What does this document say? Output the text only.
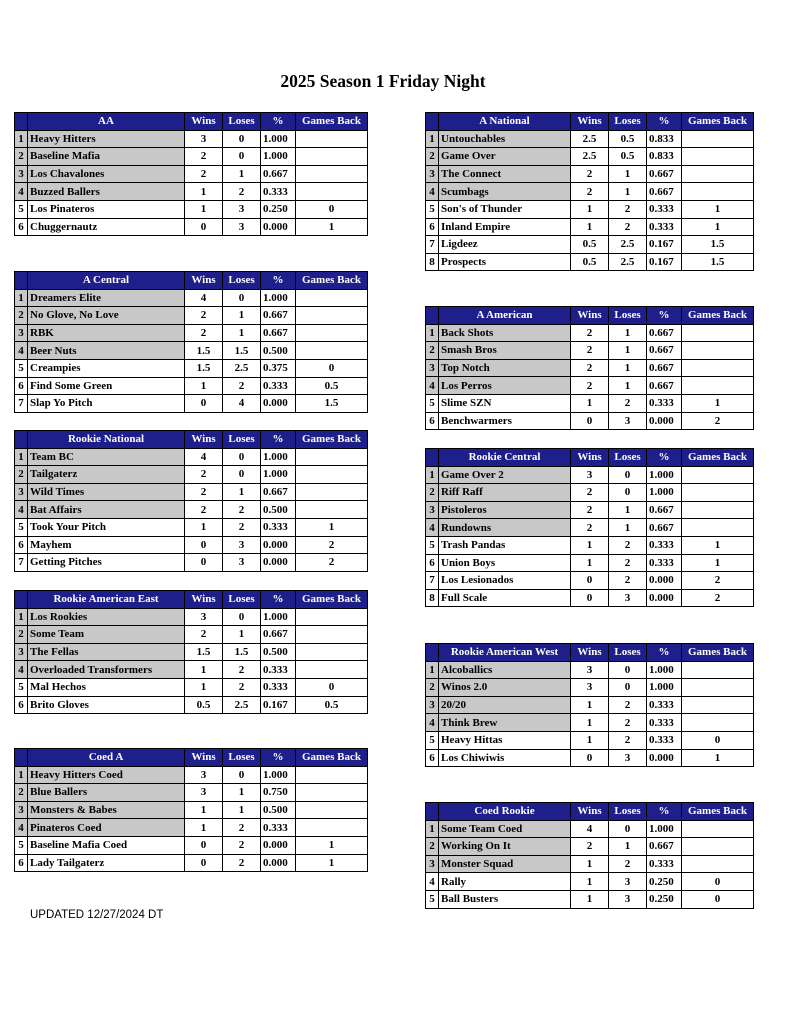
2025 Season 1 Friday Night
	AA	Wins	Loses	%	Games Back
1	Heavy Hitters	3	0	1.000	
2	Baseline Mafia	2	0	1.000	
3	Los Chavalones	2	1	0.667	
4	Buzzed Ballers	1	2	0.333	
5	Los Pinateros	1	3	0.250	0
6	Chuggernautz	0	3	0.000	1
	A Central	Wins	Loses	%	Games Back
1	Dreamers Elite	4	0	1.000	
2	No Glove, No Love	2	1	0.667	
3	RBK	2	1	0.667	
4	Beer Nuts	1.5	1.5	0.500	
5	Creampies	1.5	2.5	0.375	0
6	Find Some Green	1	2	0.333	0.5
7	Slap Yo Pitch	0	4	0.000	1.5
	Rookie National	Wins	Loses	%	Games Back
1	Team BC	4	0	1.000	
2	Tailgaterz	2	0	1.000	
3	Wild Times	2	1	0.667	
4	Bat Affairs	2	2	0.500	
5	Took Your Pitch	1	2	0.333	1
6	Mayhem	0	3	0.000	2
7	Getting Pitches	0	3	0.000	2
	Rookie American East	Wins	Loses	%	Games Back
1	Los Rookies	3	0	1.000	
2	Some Team	2	1	0.667	
3	The Fellas	1.5	1.5	0.500	
4	Overloaded Transformers	1	2	0.333	
5	Mal Hechos	1	2	0.333	0
6	Brito Gloves	0.5	2.5	0.167	0.5
	Coed A	Wins	Loses	%	Games Back
1	Heavy Hitters Coed	3	0	1.000	
2	Blue Ballers	3	1	0.750	
3	Monsters & Babes	1	1	0.500	
4	Pinateros Coed	1	2	0.333	
5	Baseline Mafia Coed	0	2	0.000	1
6	Lady Tailgaterz	0	2	0.000	1
	A National	Wins	Loses	%	Games Back
1	Untouchables	2.5	0.5	0.833	
2	Game Over	2.5	0.5	0.833	
3	The Connect	2	1	0.667	
4	Scumbags	2	1	0.667	
5	Son's of Thunder	1	2	0.333	1
6	Inland Empire	1	2	0.333	1
7	Ligdeez	0.5	2.5	0.167	1.5
8	Prospects	0.5	2.5	0.167	1.5
	A American	Wins	Loses	%	Games Back
1	Back Shots	2	1	0.667	
2	Smash Bros	2	1	0.667	
3	Top Notch	2	1	0.667	
4	Los Perros	2	1	0.667	
5	Slime SZN	1	2	0.333	1
6	Benchwarmers	0	3	0.000	2
	Rookie Central	Wins	Loses	%	Games Back
1	Game Over 2	3	0	1.000	
2	Riff Raff	2	0	1.000	
3	Pistoleros	2	1	0.667	
4	Rundowns	2	1	0.667	
5	Trash Pandas	1	2	0.333	1
6	Union Boys	1	2	0.333	1
7	Los Lesionados	0	2	0.000	2
8	Full Scale	0	3	0.000	2
	Rookie American West	Wins	Loses	%	Games Back
1	Alcoballics	3	0	1.000	
2	Winos 2.0	3	0	1.000	
3	20/20	1	2	0.333	
4	Think Brew	1	2	0.333	
5	Heavy Hittas	1	2	0.333	0
6	Los Chiwiwis	0	3	0.000	1
	Coed Rookie	Wins	Loses	%	Games Back
1	Some Team Coed	4	0	1.000	
2	Working On It	2	1	0.667	
3	Monster Squad	1	2	0.333	
4	Rally	1	3	0.250	0
5	Ball Busters	1	3	0.250	0
UPDATED 12/27/2024 DT
